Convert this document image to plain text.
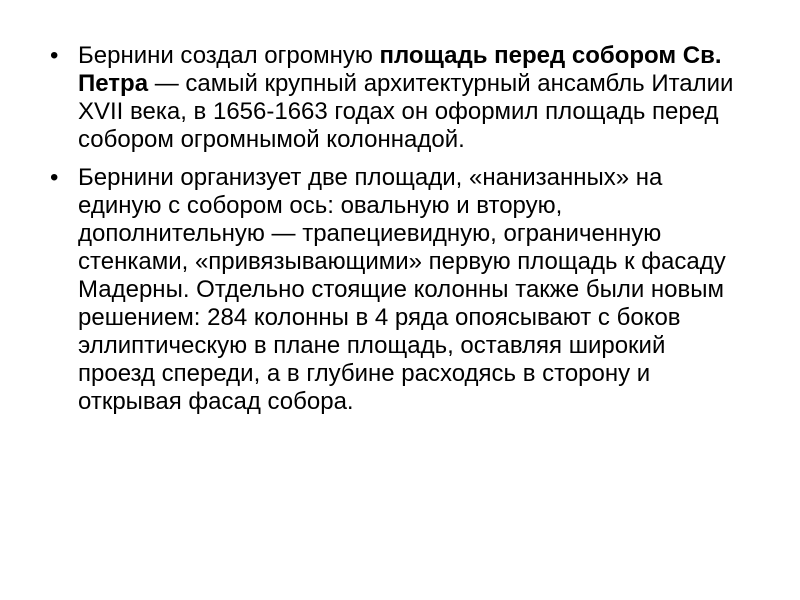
• Бернини создал огромную площадь перед собором Св. Петра — самый крупный архитектурный ансамбль Италии XVII века, в 1656-1663 годах он оформил площадь перед собором огромнымой колоннадой.
• Бернини организует две площади, «нанизанных» на единую с собором ось: овальную и вторую, дополнительную — трапециевидную, ограниченную стенками, «привязывающими» первую площадь к фасаду Мадерны. Отдельно стоящие колонны также были новым решением: 284 колонны в 4 ряда опоясывают с боков эллиптическую в плане площадь, оставляя широкий проезд спереди, а в глубине расходясь в сторону и открывая фасад собора.
